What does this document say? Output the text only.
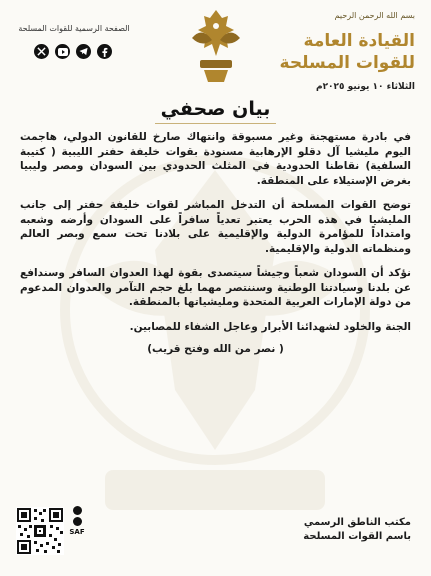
بسم الله الرحمن الرحيم
القيادة العامة
للقوات المسلحة
الثلاثاء ١٠ يونيو ٢٠٢٥م
الصفحة الرسمية للقوات المسلحة
بيان صحفي

في بادرة مستهجنة وغير مسبوقة وانتهاك صارخ للقانون الدولي، هاجمت اليوم مليشيا آل دقلو الإرهابية مسنودة بقوات خليفة حفتر الليبية ( كتيبة السلفية) نقاطنا الحدودية في المثلث الحدودي بين السودان ومصر وليبيا بغرض الإستيلاء على المنطقة.

توضح القوات المسلحة أن التدخل المباشر لقوات خليفة حفتر إلى جانب المليشيا في هذه الحرب يعتبر تعدياً سافراً على السودان وأرضه وشعبه وامتداداً للمؤامرة الدولية والإقليمية على بلادنا تحت سمع وبصر العالم ومنظماته الدولية والإقليمية.

نؤكد أن السودان شعباً وجيشاً سيتصدى بقوة لهذا العدوان السافر وسندافع عن بلدنا وسيادتنا الوطنية وسننتصر مهما بلغ حجم التآمر والعدوان المدعوم من دولة الإمارات العربية المتحدة ومليشياتها بالمنطقة.

الجنة والخلود لشهدائنا الأبرار وعاجل الشفاء للمصابين.

( نصر من الله وفتح قريب)

مكتب الناطق الرسمي
باسم القوات المسلحة
SAF
